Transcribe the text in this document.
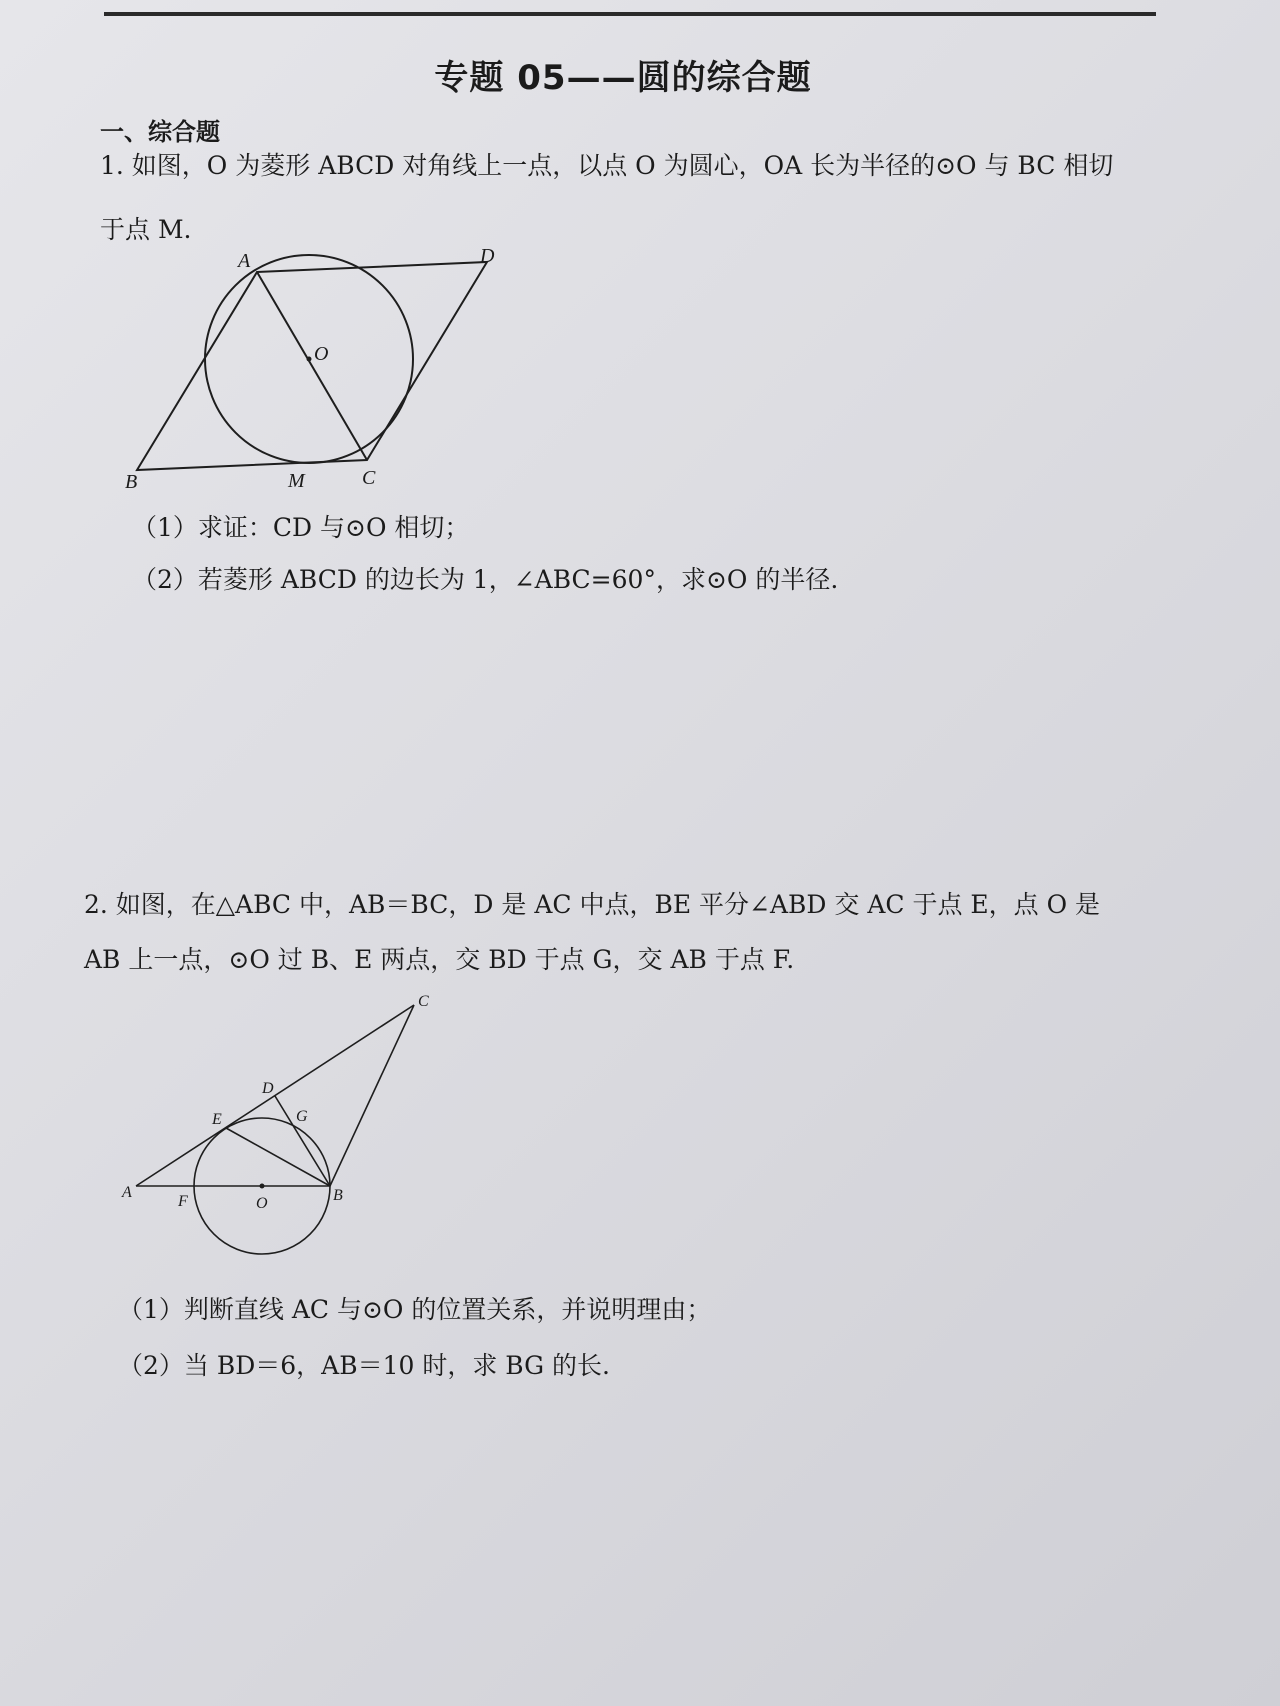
专题 05——圆的综合题
一、综合题
1. 如图，O 为菱形 ABCD 对角线上一点，以点 O 为圆心，OA 长为半径的⊙O 与 BC 相切
于点 M.
A	D
O
B	M	C
（1）求证：CD 与⊙O 相切；
（2）若菱形 ABCD 的边长为 1，∠ABC=60°，求⊙O 的半径.
2. 如图，在△ABC 中，AB＝BC，D 是 AC 中点，BE 平分∠ABD 交 AC 于点 E，点 O 是
AB 上一点，⊙O 过 B、E 两点，交 BD 于点 G，交 AB 于点 F.
C
D
E	G
A
F	O	B
（1）判断直线 AC 与⊙O 的位置关系，并说明理由；
（2）当 BD＝6，AB＝10 时，求 BG 的长.
